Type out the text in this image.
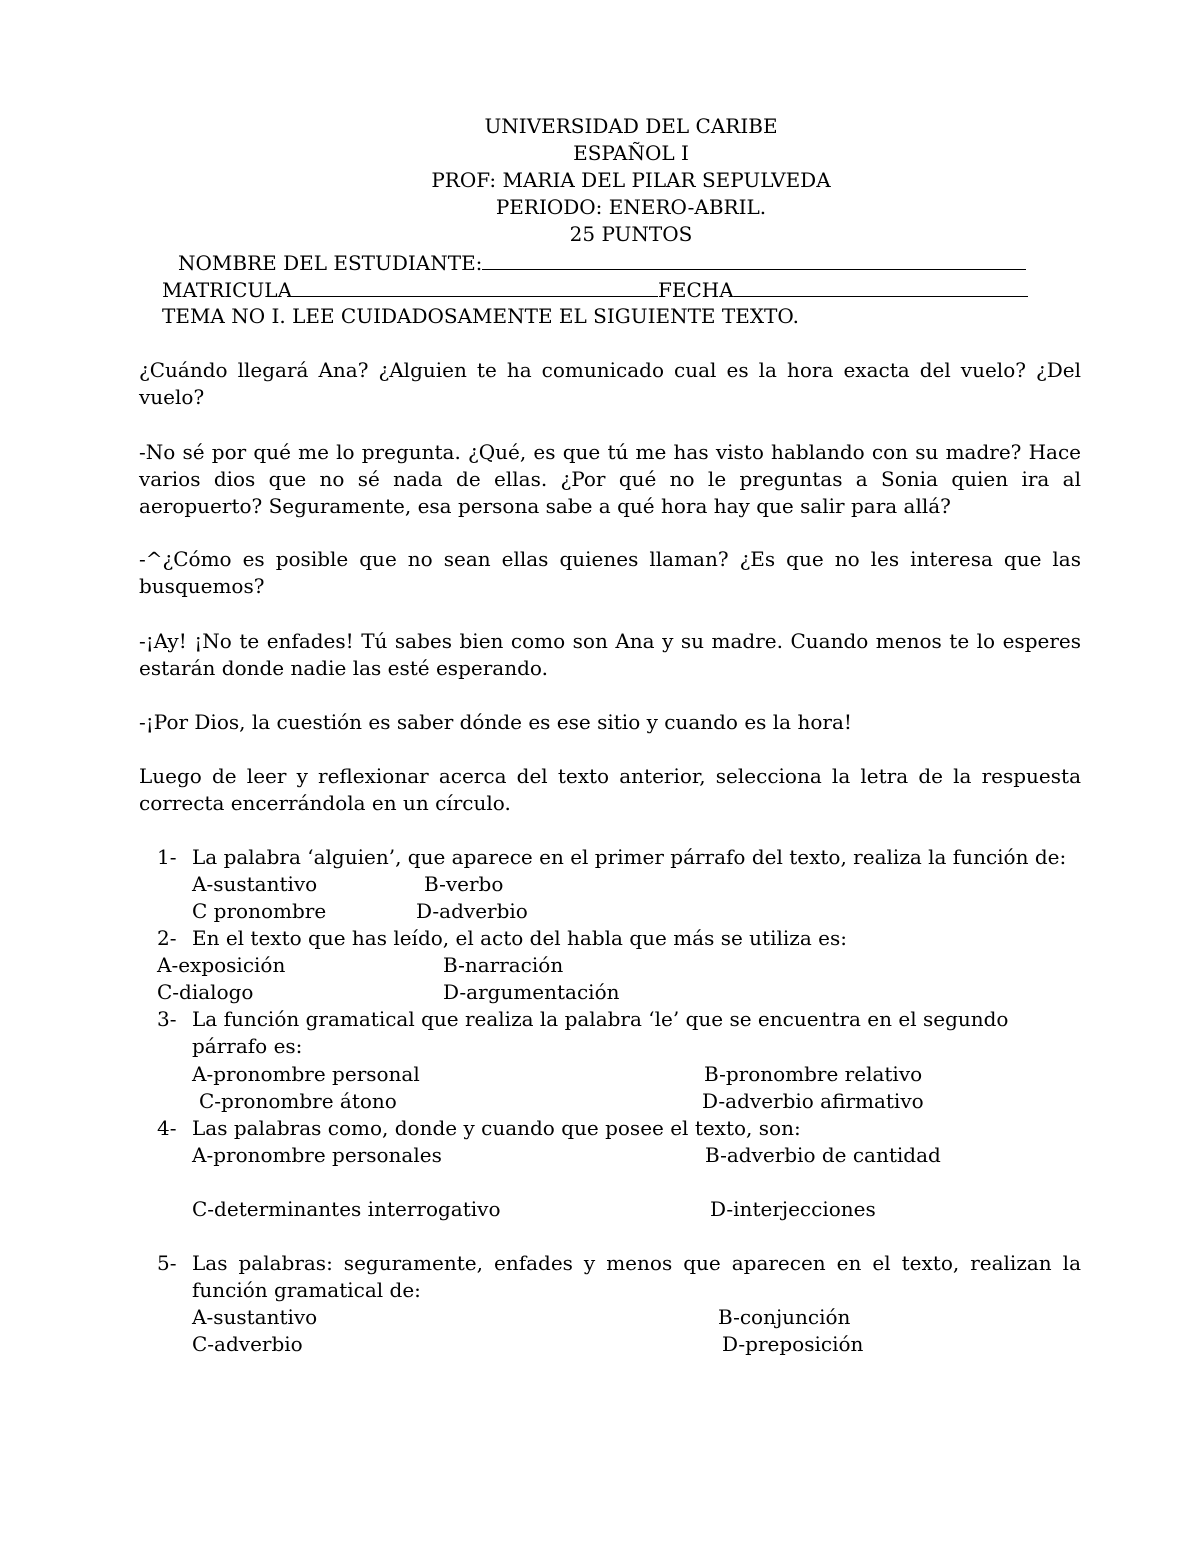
UNIVERSIDAD DEL CARIBE
ESPAÑOL I
PROF: MARIA DEL PILAR SEPULVEDA
PERIODO: ENERO-ABRIL.
25 PUNTOS
NOMBRE DEL ESTUDIANTE:
MATRICULA	FECHA
TEMA NO I. LEE CUIDADOSAMENTE EL SIGUIENTE TEXTO.
¿Cuándo llegará Ana? ¿Alguien te ha comunicado cual es la hora exacta del vuelo? ¿Del vuelo?
-No sé por qué me lo pregunta. ¿Qué, es que tú me has visto hablando con su madre? Hace varios dios que no sé nada de ellas. ¿Por qué no le preguntas a Sonia quien ira al aeropuerto? Seguramente, esa persona sabe a qué hora hay que salir para allá?
-^¿Cómo es posible que no sean ellas quienes llaman? ¿Es que no les interesa que las busquemos?
-¡Ay! ¡No te enfades! Tú sabes bien como son Ana y su madre. Cuando menos te lo esperes estarán donde nadie las esté esperando.
-¡Por Dios, la cuestión es saber dónde es ese sitio y cuando es la hora!
Luego de leer y reflexionar acerca del texto anterior, selecciona la letra de la respuesta correcta encerrándola en un círculo.
1- La palabra ‘alguien’, que aparece en el primer párrafo del texto, realiza la función de:
A-sustantivo	B-verbo
C pronombre	D-adverbio
2- En el texto que has leído, el acto del habla que más se utiliza es:
A-exposición	B-narración
C-dialogo	D-argumentación
3- La función gramatical que realiza la palabra ‘le’ que se encuentra en el segundo párrafo es:
A-pronombre personal	B-pronombre relativo
C-pronombre átono	D-adverbio afirmativo
4- Las palabras como, donde y cuando que posee el texto, son:
A-pronombre personales	B-adverbio de cantidad
C-determinantes interrogativo	D-interjecciones
5- Las palabras: seguramente, enfades y menos que aparecen en el texto, realizan la función gramatical de:
A-sustantivo	B-conjunción
C-adverbio	D-preposición
